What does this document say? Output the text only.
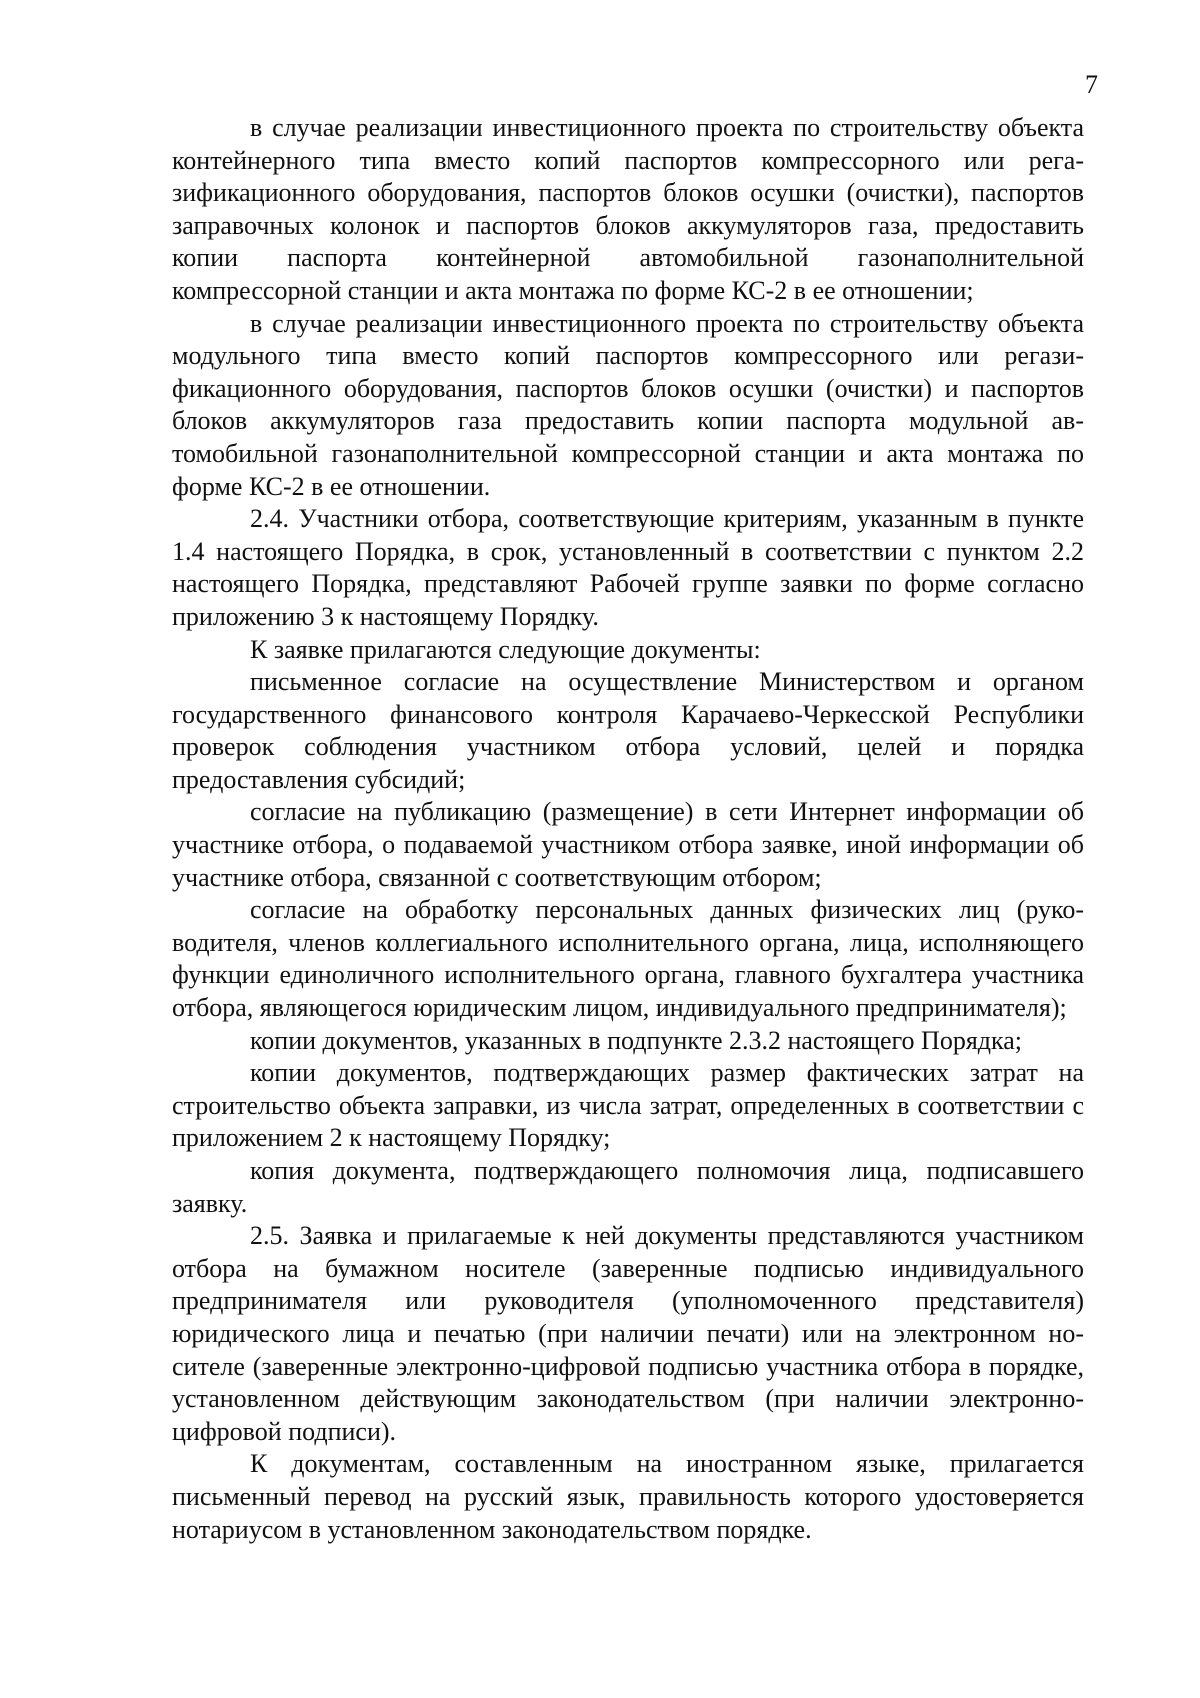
7

в случае реализации инвестиционного проекта по строительству объекта контейнерного типа вместо копий паспортов компрессорного или регазификационного оборудования, паспортов блоков осушки (очистки), паспортов заправочных колонок и паспортов блоков аккумуляторов газа, предоставить копии паспорта контейнерной автомобильной газонаполнительной компрессорной станции и акта монтажа по форме КС-2 в ее отношении;

в случае реализации инвестиционного проекта по строительству объекта модульного типа вместо копий паспортов компрессорного или регазификационного оборудования, паспортов блоков осушки (очистки) и паспортов блоков аккумуляторов газа предоставить копии паспорта модульной автомобильной газонаполнительной компрессорной станции и акта монтажа по форме КС-2 в ее отношении.

2.4. Участники отбора, соответствующие критериям, указанным в пункте 1.4 настоящего Порядка, в срок, установленный в соответствии с пунктом 2.2 настоящего Порядка, представляют Рабочей группе заявки по форме согласно приложению 3 к настоящему Порядку.

К заявке прилагаются следующие документы:

письменное согласие на осуществление Министерством и органом государственного финансового контроля Карачаево-Черкесской Республики проверок соблюдения участником отбора условий, целей и порядка предоставления субсидий;

согласие на публикацию (размещение) в сети Интернет информации об участнике отбора, о подаваемой участником отбора заявке, иной информации об участнике отбора, связанной с соответствующим отбором;

согласие на обработку персональных данных физических лиц (руководителя, членов коллегиального исполнительного органа, лица, исполняющего функции единоличного исполнительного органа, главного бухгалтера участника отбора, являющегося юридическим лицом, индивидуального предпринимателя);

копии документов, указанных в подпункте 2.3.2 настоящего Порядка;

копии документов, подтверждающих размер фактических затрат на строительство объекта заправки, из числа затрат, определенных в соответствии с приложением 2 к настоящему Порядку;

копия документа, подтверждающего полномочия лица, подписавшего заявку.

2.5. Заявка и прилагаемые к ней документы представляются участником отбора на бумажном носителе (заверенные подписью индивидуального предпринимателя или руководителя (уполномоченного представителя) юридического лица и печатью (при наличии печати) или на электронном носителе (заверенные электронно-цифровой подписью участника отбора в порядке, установленном действующим законодательством (при наличии электронно-цифровой подписи).

К документам, составленным на иностранном языке, прилагается письменный перевод на русский язык, правильность которого удостоверяется нотариусом в установленном законодательством порядке.
